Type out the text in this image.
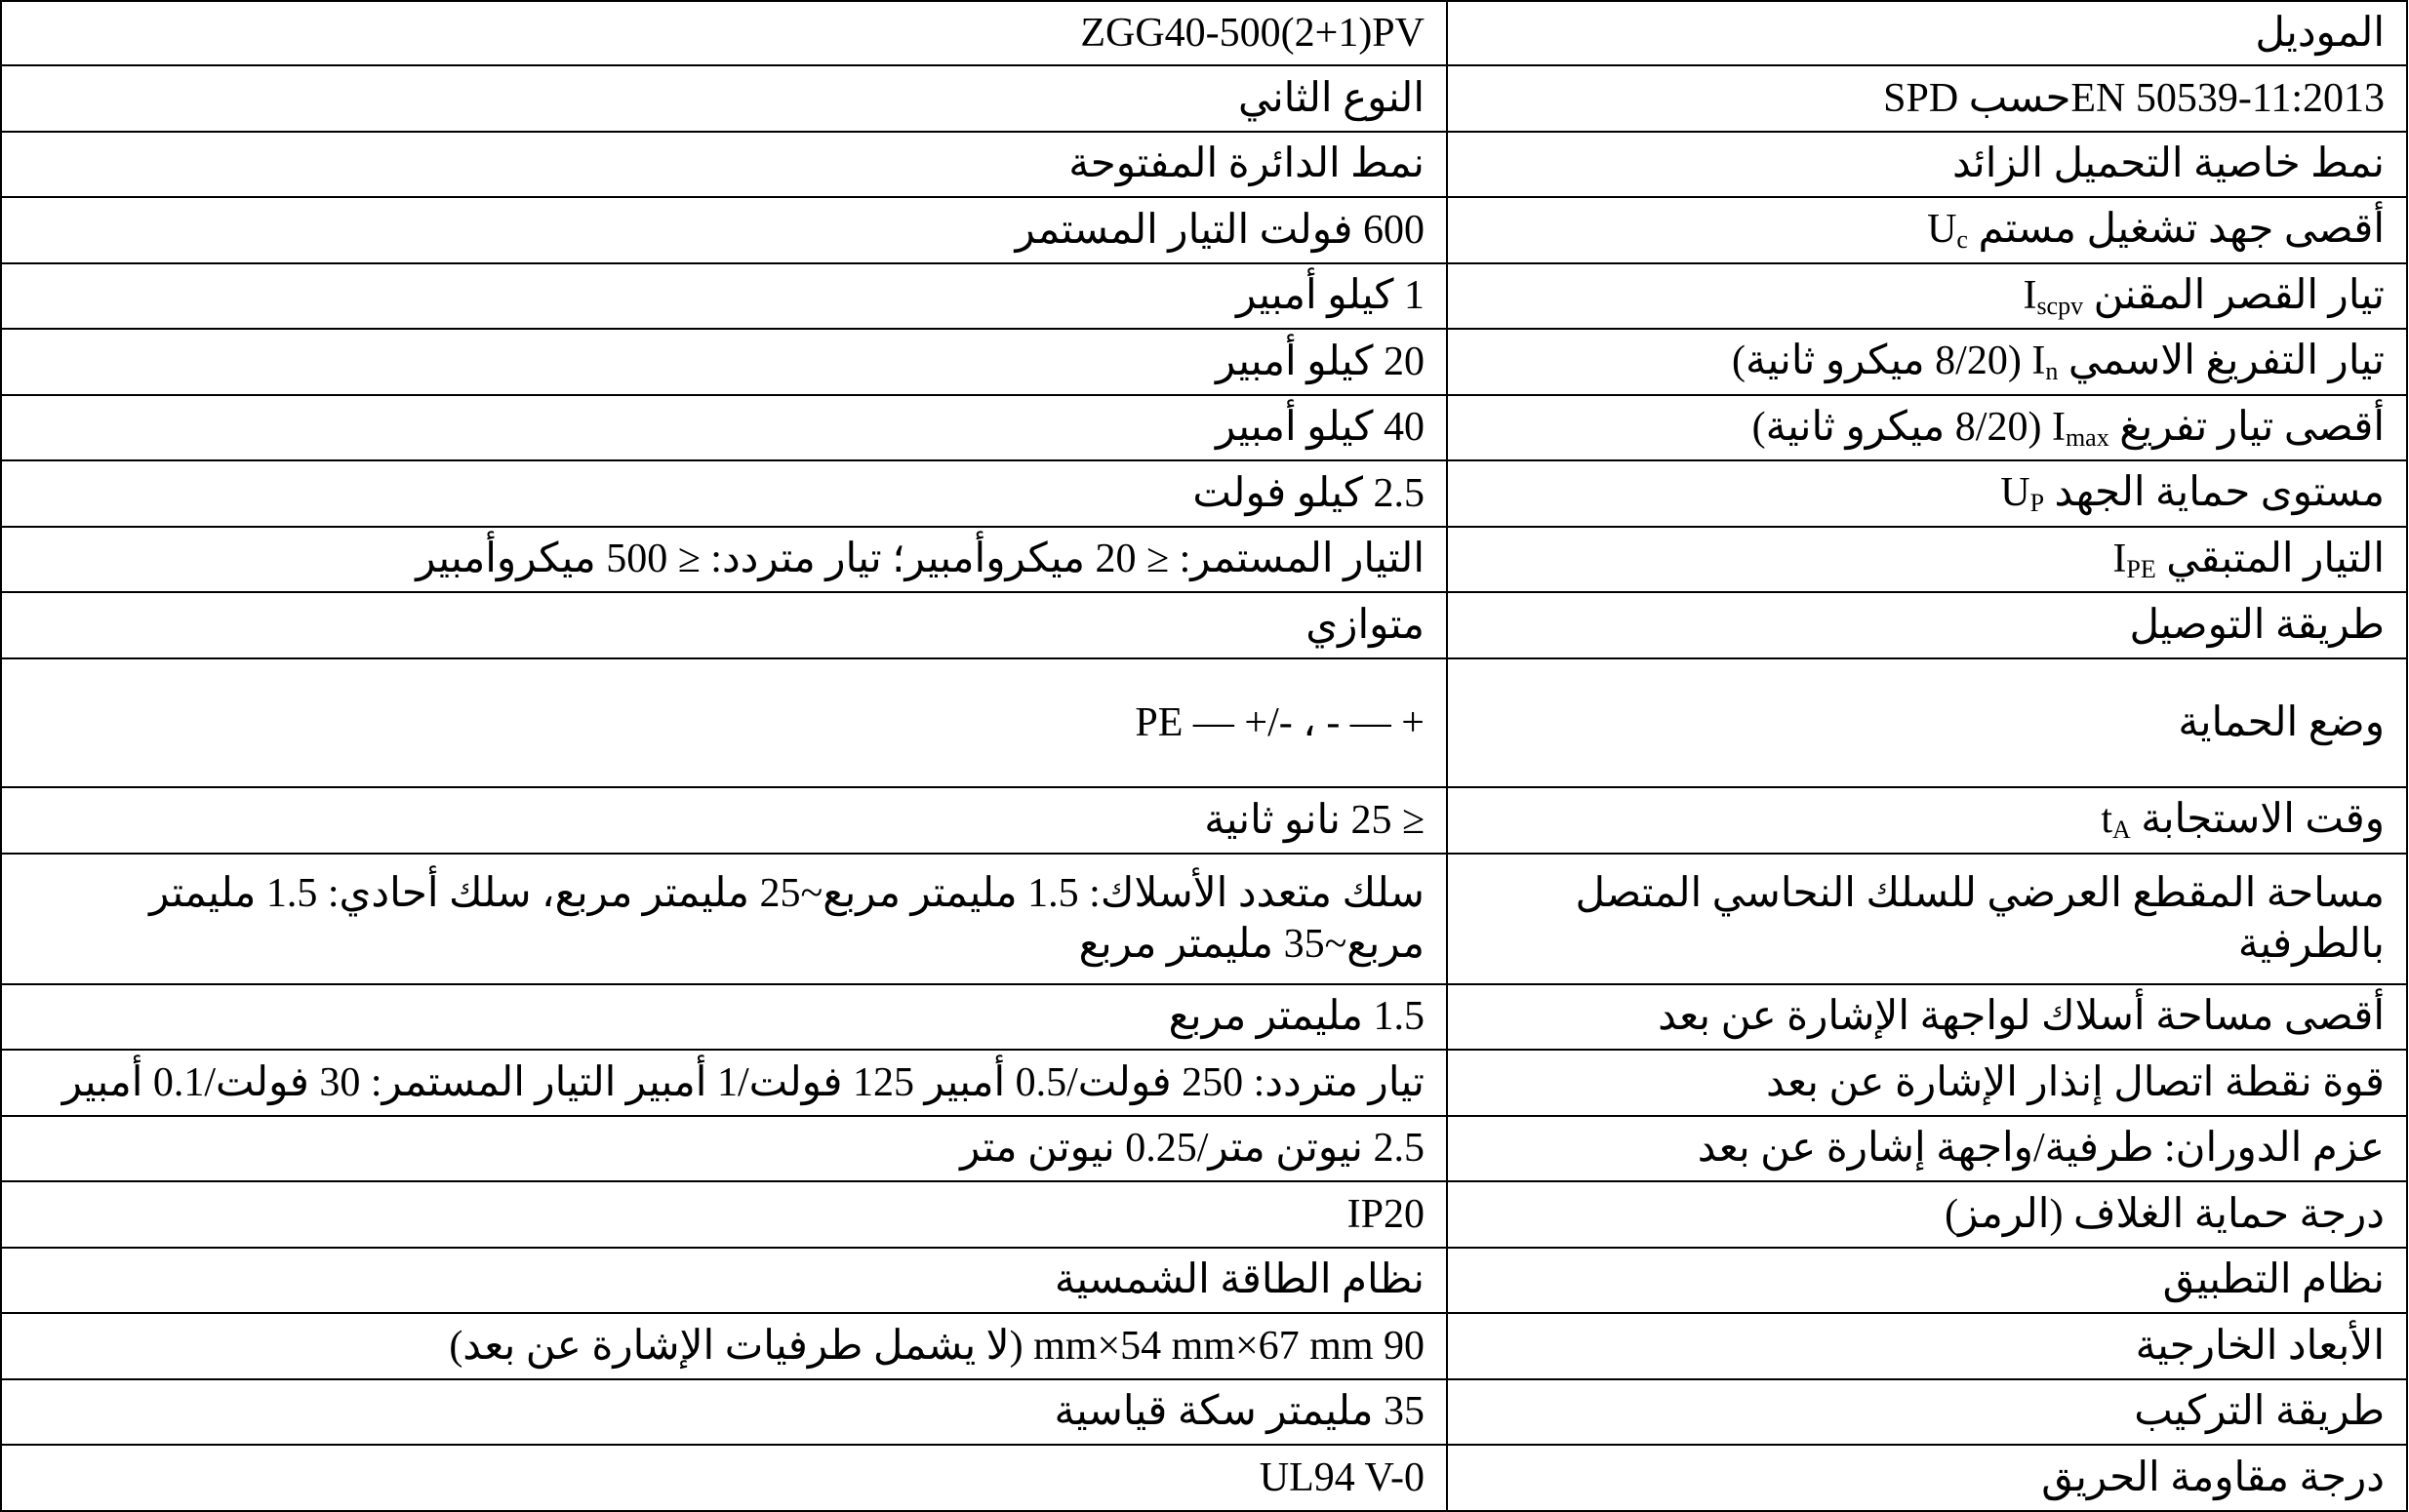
الموديل	ZGG40-500(2+1)PV
SPD حسبEN 50539-11:2013	النوع الثاني
نمط خاصية التحميل الزائد	نمط الدائرة المفتوحة
أقصى جهد تشغيل مستم $U_c$	600 فولت التيار المستمر
تيار القصر المقنن $I_{scpv}$	1 كيلو أمبير
تيار التفريغ الاسمي $I_n$ (8/20 ميكرو ثانية)	20 كيلو أمبير
أقصى تيار تفريغ $I_{max}$ (8/20 ميكرو ثانية)	40 كيلو أمبير
مستوى حماية الجهد $U_P$	2.5 كيلو فولت
التيار المتبقي $I_{PE}$	التيار المستمر: ≤ 20 ميكروأمبير؛ تيار متردد: ≤ 500 ميكروأمبير
طريقة التوصيل	متوازي
وضع الحماية	PE — +/- ، - — +
وقت الاستجابة $t_A$	≤ 25 نانو ثانية
مساحة المقطع العرضي للسلك النحاسي المتصل بالطرفية	سلك متعدد الأسلاك: 1.5 مليمتر مربع~25 مليمتر مربع، سلك أحادي: 1.5 مليمتر مربع~35 مليمتر مربع
أقصى مساحة أسلاك لواجهة الإشارة عن بعد	1.5 مليمتر مربع
قوة نقطة اتصال إنذار الإشارة عن بعد	تيار متردد: 250 فولت/0.5 أمبير 125 فولت/1 أمبير التيار المستمر: 30 فولت/0.1 أمبير
عزم الدوران: طرفية/واجهة إشارة عن بعد	2.5 نيوتن متر/0.25 نيوتن متر
درجة حماية الغلاف (الرمز)	IP20
نظام التطبيق	نظام الطاقة الشمسية
الأبعاد الخارجية	90 mm×54 mm×67 mm (لا يشمل طرفيات الإشارة عن بعد)
طريقة التركيب	35 مليمتر سكة قياسية
درجة مقاومة الحريق	UL94 V-0
